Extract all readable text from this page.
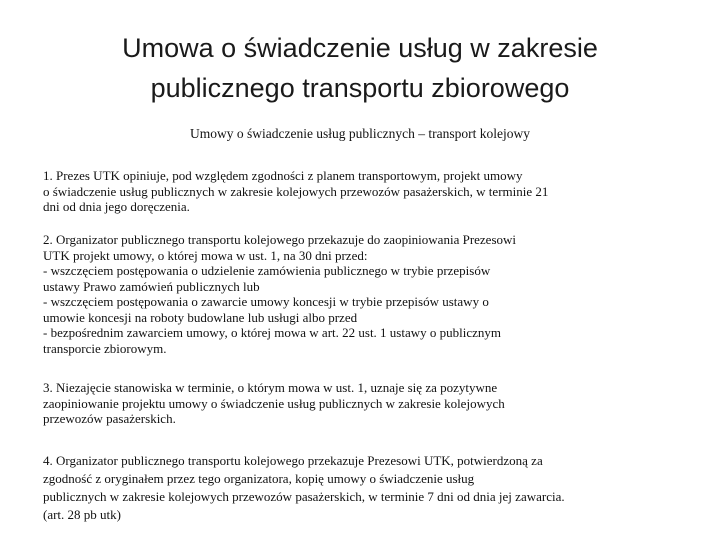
Umowa o świadczenie usług w zakresie
publicznego transportu zbiorowego
Umowy o świadczenie usług publicznych – transport kolejowy
1. Prezes UTK opiniuje, pod względem zgodności z planem transportowym, projekt umowy
o świadczenie usług publicznych w zakresie kolejowych przewozów pasażerskich, w terminie 21
dni od dnia jego doręczenia.
2. Organizator publicznego transportu kolejowego przekazuje do zaopiniowania Prezesowi
UTK projekt umowy, o której mowa w ust. 1, na 30 dni przed:
- wszczęciem postępowania o udzielenie zamówienia publicznego w trybie przepisów
ustawy Prawo zamówień publicznych lub
- wszczęciem postępowania o zawarcie umowy koncesji w trybie przepisów ustawy o
umowie koncesji na roboty budowlane lub usługi albo przed
- bezpośrednim zawarciem umowy, o której mowa w art. 22 ust. 1 ustawy o publicznym
transporcie zbiorowym.
3. Niezajęcie stanowiska w terminie, o którym mowa w ust. 1, uznaje się za pozytywne
zaopiniowanie projektu umowy o świadczenie usług publicznych w zakresie kolejowych
przewozów pasażerskich.
4. Organizator publicznego transportu kolejowego przekazuje Prezesowi UTK, potwierdzoną za
zgodność z oryginałem przez tego organizatora, kopię umowy o świadczenie usług
publicznych w zakresie kolejowych przewozów pasażerskich, w terminie 7 dni od dnia jej zawarcia.
(art. 28 pb utk)
